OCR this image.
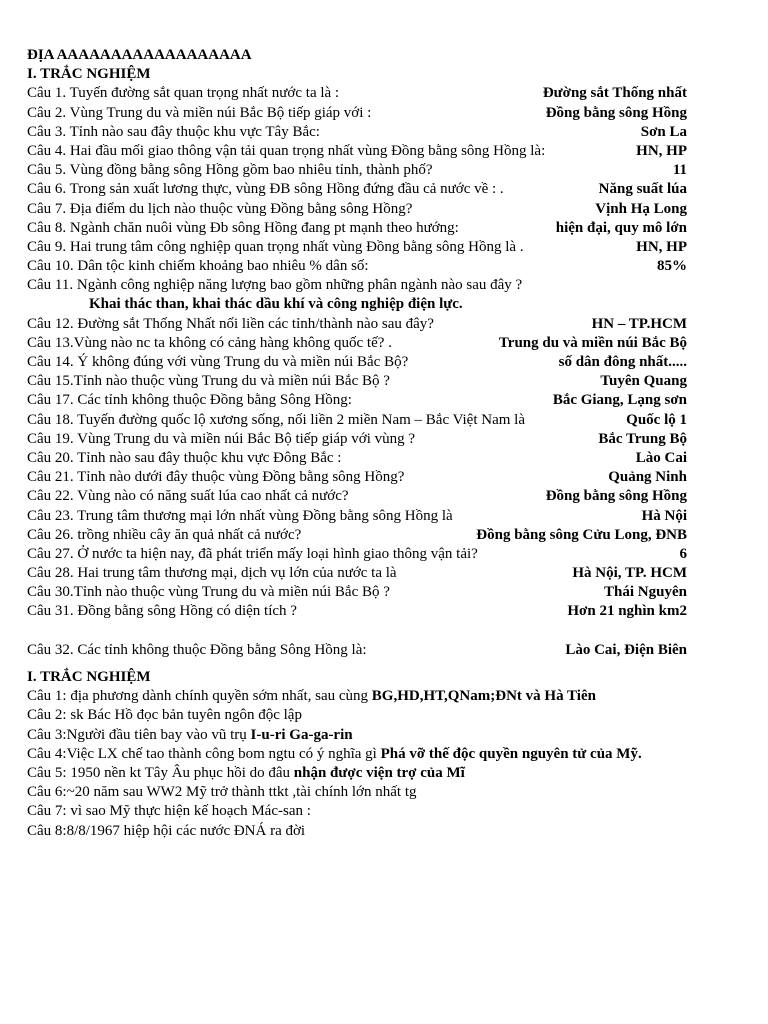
ĐỊA AAAAAAAAAAAAAAAAAA
I. TRẮC NGHIỆM
Câu 1. Tuyến đường sắt quan trọng nhất nước ta là :	Đường sắt Thống nhất
Câu 2. Vùng Trung du và miền núi Bắc Bộ tiếp giáp với :	Đồng bằng sông Hồng
Câu 3. Tỉnh nào sau đây thuộc khu vực Tây Bắc:	Sơn La
Câu 4. Hai đầu mối giao thông vận tải quan trọng nhất vùng Đồng bằng sông Hồng là:	HN, HP
Câu 5. Vùng đồng bằng sông Hồng gồm bao nhiêu tỉnh, thành phố?	11
Câu 6. Trong sản xuất lương thực, vùng ĐB sông Hồng đứng đầu cả nước về : .	Năng suất lúa
Câu 7. Địa điểm du lịch nào thuộc vùng Đồng bằng sông Hồng?	Vịnh Hạ Long
Câu 8. Ngành chăn nuôi vùng Đb sông Hồng đang pt mạnh theo hướng:	hiện đại, quy mô lớn
Câu 9. Hai trung tâm công nghiệp quan trọng nhất vùng Đồng bằng sông Hồng là .	HN, HP
Câu 10. Dân tộc kinh chiếm khoảng bao nhiêu % dân số:	85%
Câu 11. Ngành công nghiệp năng lượng bao gồm những phân ngành nào sau đây ?
Khai thác than, khai thác dầu khí và công nghiệp điện lực.
Câu 12. Đường sắt Thống Nhất nối liền các tỉnh/thành nào sau đây?	HN – TP.HCM
Câu 13.Vùng nào nc ta không có cảng hàng không quốc tế? .	Trung du và miền núi Bắc Bộ
Câu 14. Ý không đúng với vùng Trung du và miền núi Bắc Bộ?	số dân đông nhất.....
Câu 15.Tỉnh nào thuộc vùng Trung du và miền núi Bắc Bộ ?	Tuyên Quang
Câu 17. Các tỉnh không thuộc Đồng bằng Sông Hồng:	Bắc Giang, Lạng sơn
Câu 18. Tuyến đường quốc lộ xương sống, nối liền 2 miền Nam – Bắc Việt Nam là	Quốc lộ 1
Câu 19. Vùng Trung du và miền núi Bắc Bộ tiếp giáp với vùng ?	Bắc Trung Bộ
Câu 20. Tỉnh nào sau đây thuộc khu vực Đông Bắc :	Lào Cai
Câu 21. Tỉnh nào dưới đây thuộc vùng Đồng bằng sông Hồng?	Quảng Ninh
Câu 22. Vùng nào có năng suất lúa cao nhất cả nước?	Đồng bằng sông Hồng
Câu 23. Trung tâm thương mại lớn nhất vùng Đồng bằng sông Hồng là	Hà Nội
Câu 26. trồng nhiều cây ăn quả nhất cả nước?	Đồng bằng sông Cửu Long, ĐNB
Câu 27. Ở nước ta hiện nay, đã phát triển mấy loại hình giao thông vận tải?	6
Câu 28. Hai trung tâm thương mại, dịch vụ lớn của nước ta là	Hà Nội, TP. HCM
Câu 30.Tỉnh nào thuộc vùng Trung du và miền núi Bắc Bộ ?	Thái Nguyên
Câu 31. Đồng bằng sông Hồng có diện tích ?	Hơn 21 nghìn km2
Câu 32. Các tỉnh không thuộc Đồng bằng Sông Hồng là:	Lào Cai, Điện Biên
I. TRẮC NGHIỆM
Câu 1: địa phương dành chính quyền sớm nhất, sau cùng BG,HD,HT,QNam;ĐNt và Hà Tiên
Câu 2: sk Bác Hồ đọc bản tuyên ngôn độc lập
Câu 3:Người đầu tiên bay vào vũ trụ I-u-ri Ga-ga-rin
Câu 4:Việc LX chế tao thành công bom ngtu có ý nghĩa gì Phá vỡ thế độc quyền nguyên tử của Mỹ.
Câu 5: 1950 nền kt Tây Âu phục hồi do đâu nhận được viện trợ của Mĩ
Câu 6:~20 năm sau WW2 Mỹ trở thành ttkt ,tài chính lớn nhất tg
Câu 7: vì sao Mỹ thực hiện kế hoạch Mác-san :
Câu 8:8/8/1967 hiệp hội các nước ĐNÁ ra đời
